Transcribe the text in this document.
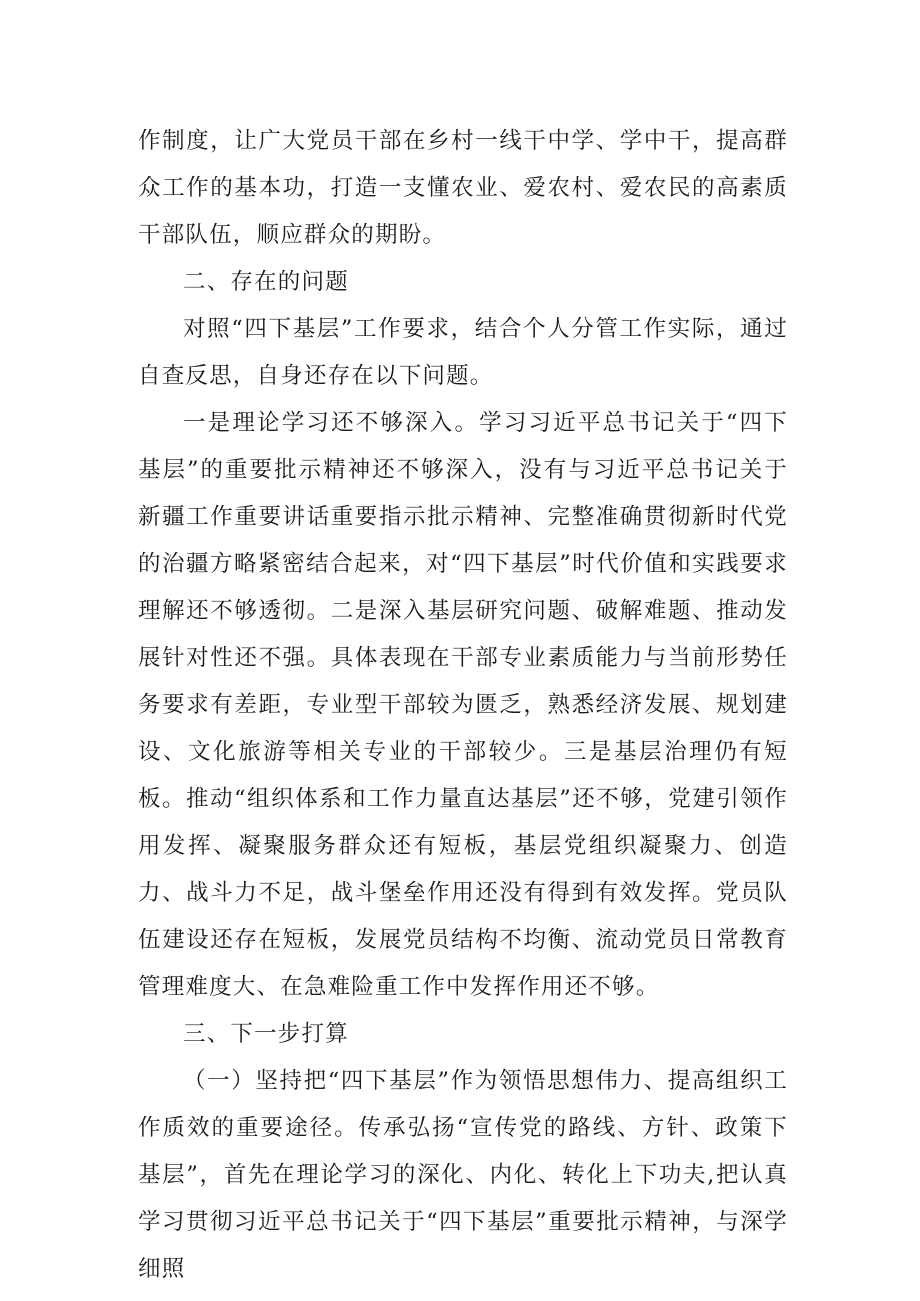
作制度，让广大党员干部在乡村一线干中学、学中干，提高群众工作的基本功，打造一支懂农业、爱农村、爱农民的高素质干部队伍，顺应群众的期盼。

二、存在的问题

对照“四下基层”工作要求，结合个人分管工作实际，通过自查反思，自身还存在以下问题。

一是理论学习还不够深入。学习习近平总书记关于“四下基层”的重要批示精神还不够深入，没有与习近平总书记关于新疆工作重要讲话重要指示批示精神、完整准确贯彻新时代党的治疆方略紧密结合起来，对“四下基层”时代价值和实践要求理解还不够透彻。二是深入基层研究问题、破解难题、推动发展针对性还不强。具体表现在干部专业素质能力与当前形势任务要求有差距，专业型干部较为匮乏，熟悉经济发展、规划建设、文化旅游等相关专业的干部较少。三是基层治理仍有短板。推动“组织体系和工作力量直达基层”还不够，党建引领作用发挥、凝聚服务群众还有短板，基层党组织凝聚力、创造力、战斗力不足，战斗堡垒作用还没有得到有效发挥。党员队伍建设还存在短板，发展党员结构不均衡、流动党员日常教育管理难度大、在急难险重工作中发挥作用还不够。

三、下一步打算

（一）坚持把“四下基层”作为领悟思想伟力、提高组织工作质效的重要途径。传承弘扬“宣传党的路线、方针、政策下基层”，首先在理论学习的深化、内化、转化上下功夫,把认真学习贯彻习近平总书记关于“四下基层”重要批示精神，与深学细照
